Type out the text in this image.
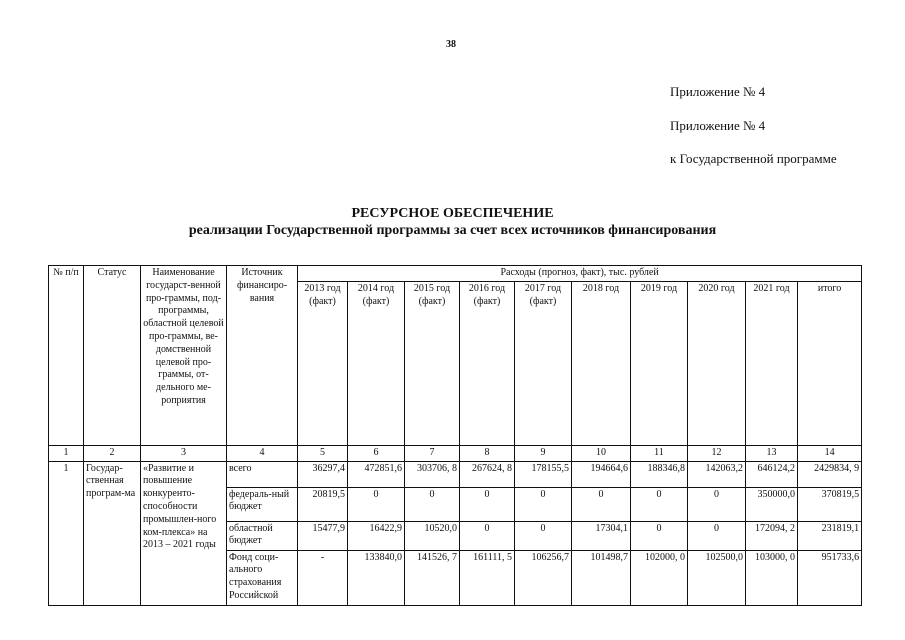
38
Приложение № 4
Приложение № 4
к Государственной программе
РЕСУРСНОЕ ОБЕСПЕЧЕНИЕ
реализации Государственной программы за счет всех источников финансирования
№ п/п	Статус	Наименование государст-венной про-граммы, под-программы, областной целевой про-граммы, ве-домственной целевой про-граммы, от-дельного ме-роприятия	Источник финансиро-вания	Расходы (прогноз, факт), тыс. рублей									
				2013 год (факт)	2014 год (факт)	2015 год (факт)	2016 год (факт)	2017 год (факт)	2018 год	2019 год	2020 год	2021 год	итого
1	2	3	4	5	6	7	8	9	10	11	12	13	14
1	Государ-ственная програм-ма	«Развитие и повышение конкуренто-способности промышлен-ного ком-плекса» на 2013 – 2021 годы	всего	36297,4	472851,6	303706, 8	267624, 8	178155,5	194664,6	188346,8	142063,2	646124,2	2429834, 9
			федераль-ный бюджет	20819,5	0	0	0	0	0	0	0	350000,0	370819,5
			областной бюджет	15477,9	16422,9	10520,0	0	0	17304,1	0	0	172094, 2	231819,1
			Фонд соци-ального страхования Российской	-	133840,0	141526, 7	161111, 5	106256,7	101498,7	102000, 0	102500,0	103000, 0	951733,6
